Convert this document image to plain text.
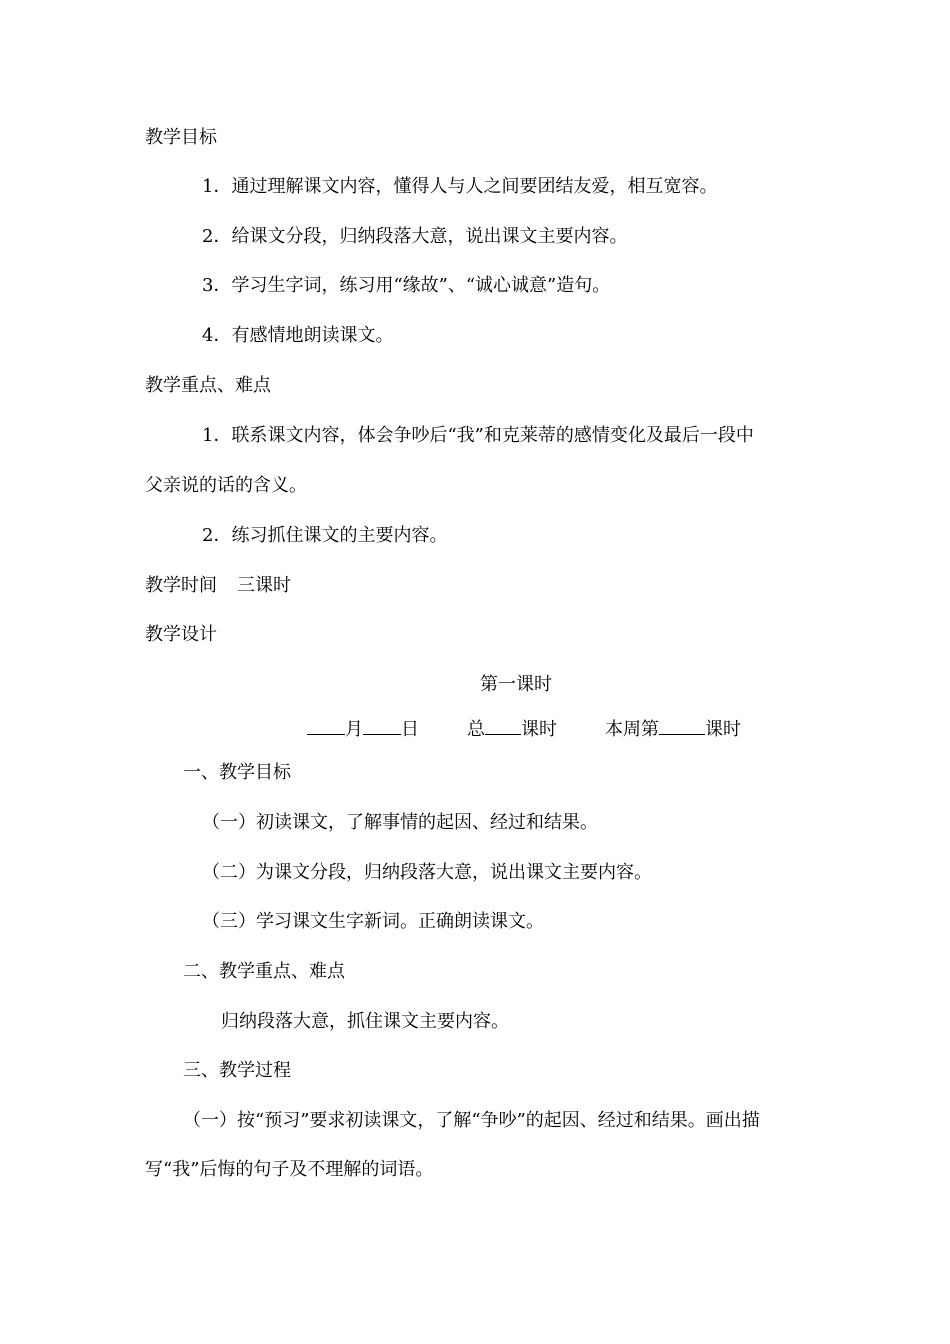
教学目标
1．通过理解课文内容，懂得人与人之间要团结友爱，相互宽容。
2．给课文分段，归纳段落大意，说出课文主要内容。
3．学习生字词，练习用“缘故”、“诚心诚意”造句。
4．有感情地朗读课文。
教学重点、难点
1．联系课文内容，体会争吵后“我”和克莱蒂的感情变化及最后一段中
父亲说的话的含义。
2．练习抓住课文的主要内容。
教学时间 三课时
教学设计
第一课时
月 日	总 课时	本周第	课时
一、教学目标
（一）初读课文，了解事情的起因、经过和结果。
（二）为课文分段，归纳段落大意，说出课文主要内容。
（三）学习课文生字新词。正确朗读课文。
二、教学重点、难点
归纳段落大意，抓住课文主要内容。
三、教学过程
（一）按“预习”要求初读课文，了解“争吵”的起因、经过和结果。画出描
写“我”后悔的句子及不理解的词语。
